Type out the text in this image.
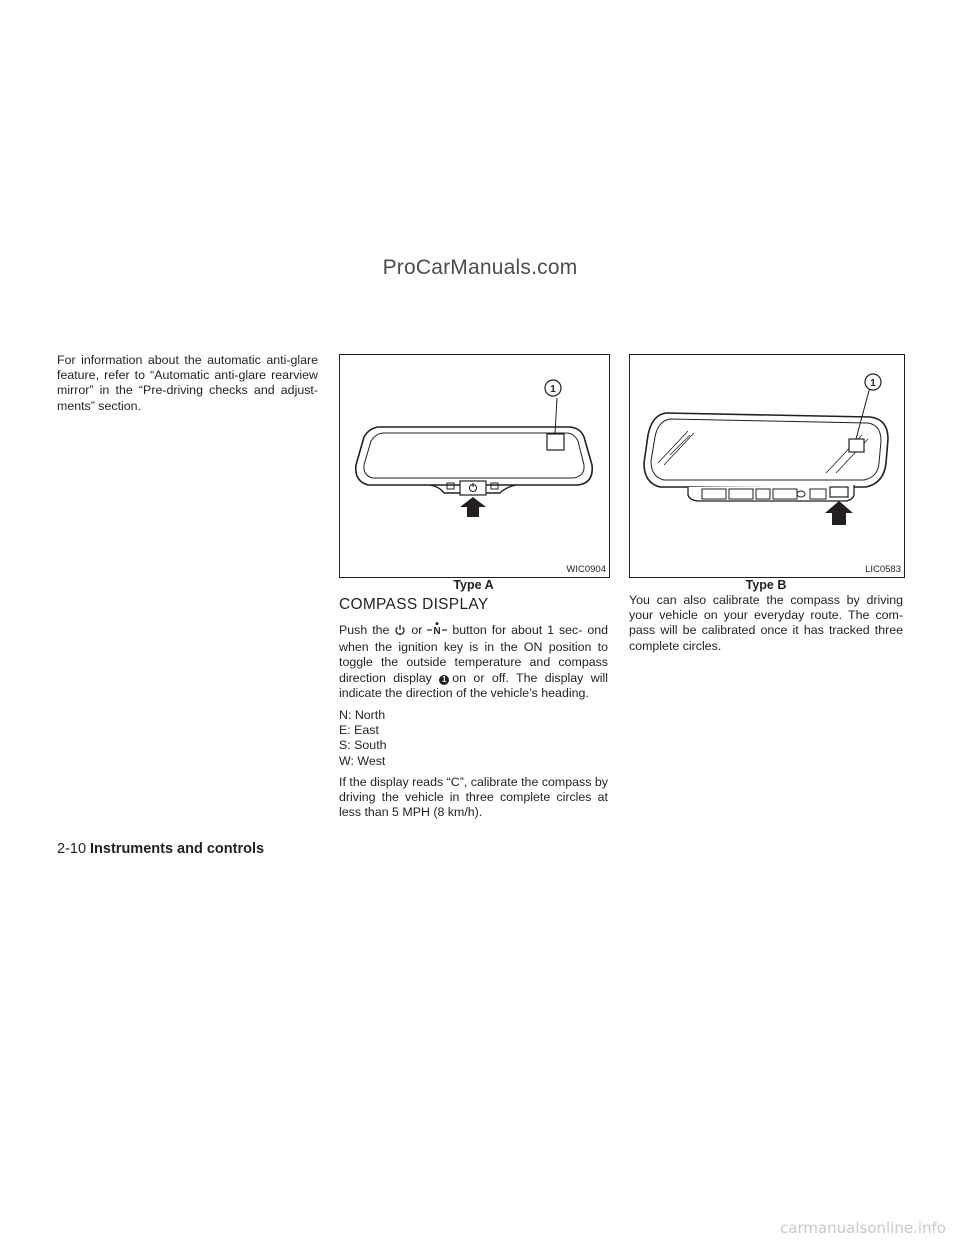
ProCarManuals.com
For information about the automatic anti-glare feature, refer to “Automatic anti-glare rearview mirror” in the “Pre-driving checks and adjust- ments” section.
1
WIC0904
Type A
1
LIC0583
Type B
COMPASS DISPLAY
Push the or N button for about 1 sec- ond when the ignition key is in the ON position to toggle the outside temperature and compass direction display 1 on or off. The display will indicate the direction of the vehicle’s heading.
N: North
E: East
S: South
W: West
If the display reads “C”, calibrate the compass by driving the vehicle in three complete circles at less than 5 MPH (8 km/h).
You can also calibrate the compass by driving your vehicle on your everyday route. The com- pass will be calibrated once it has tracked three complete circles.
2-10 Instruments and controls
carmanualsonline.info
